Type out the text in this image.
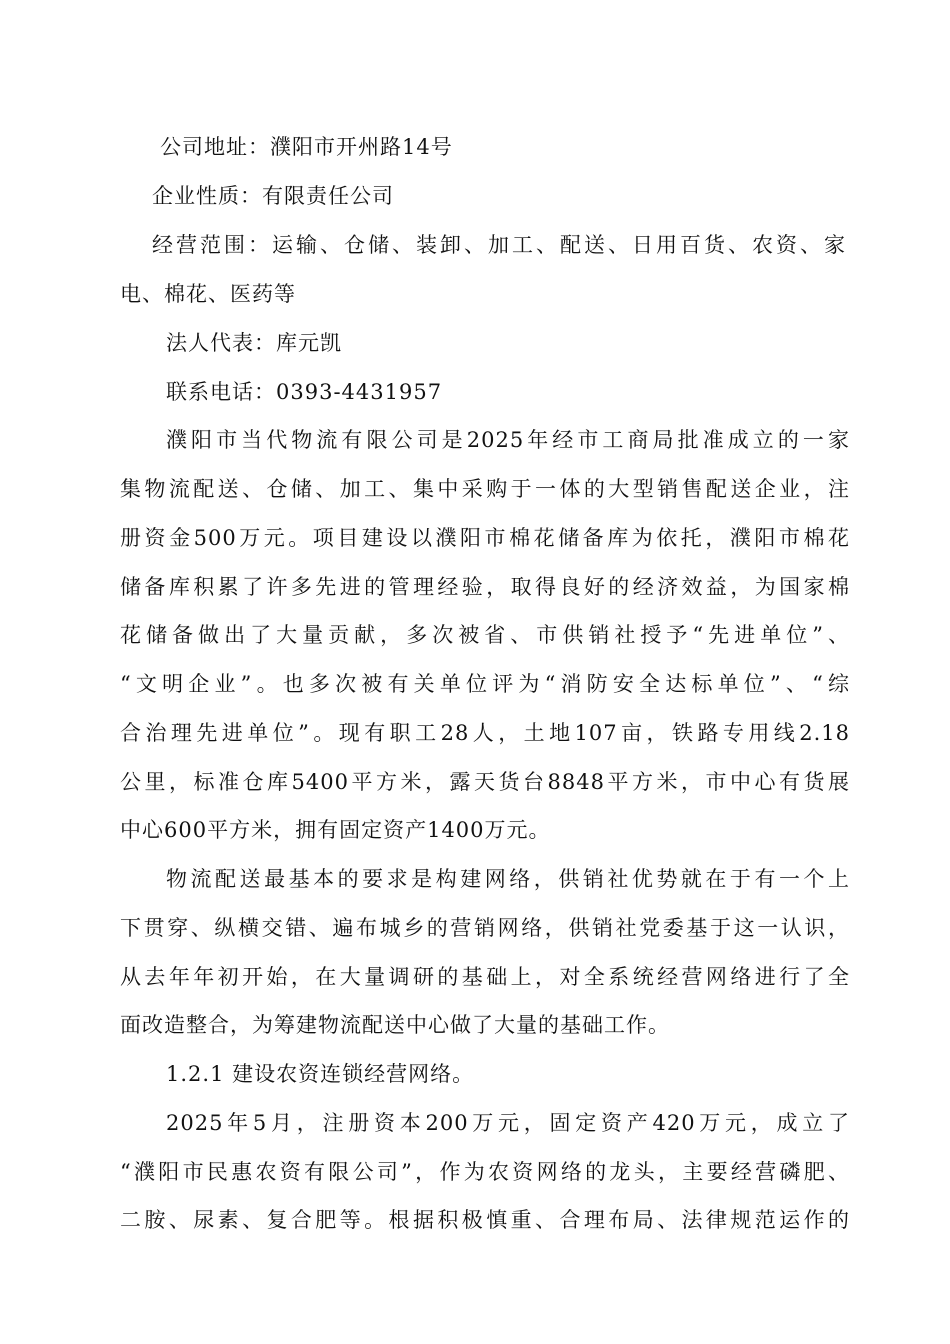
公司地址：濮阳市开州路14号
企业性质：有限责任公司
经营范围：运输、仓储、装卸、加工、配送、日用百货、农资、家
电、棉花、医药等
法人代表：库元凯
联系电话：0393-4431957
濮阳市当代物流有限公司是2025年经市工商局批准成立的一家
集物流配送、仓储、加工、集中采购于一体的大型销售配送企业，注
册资金500万元。项目建设以濮阳市棉花储备库为依托，濮阳市棉花
储备库积累了许多先进的管理经验，取得良好的经济效益，为国家棉
花储备做出了大量贡献，多次被省、市供销社授予“先进单位”、
“文明企业”。也多次被有关单位评为“消防安全达标单位”、“综
合治理先进单位”。现有职工28人，土地107亩，铁路专用线2.18
公里，标准仓库5400平方米，露天货台8848平方米，市中心有货展
中心600平方米，拥有固定资产1400万元。
物流配送最基本的要求是构建网络，供销社优势就在于有一个上
下贯穿、纵横交错、遍布城乡的营销网络，供销社党委基于这一认识，
从去年年初开始，在大量调研的基础上，对全系统经营网络进行了全
面改造整合，为筹建物流配送中心做了大量的基础工作。
1.2.1 建设农资连锁经营网络。
2025年5月，注册资本200万元，固定资产420万元，成立了
“濮阳市民惠农资有限公司”，作为农资网络的龙头，主要经营磷肥、
二胺、尿素、复合肥等。根据积极慎重、合理布局、法律规范运作的
